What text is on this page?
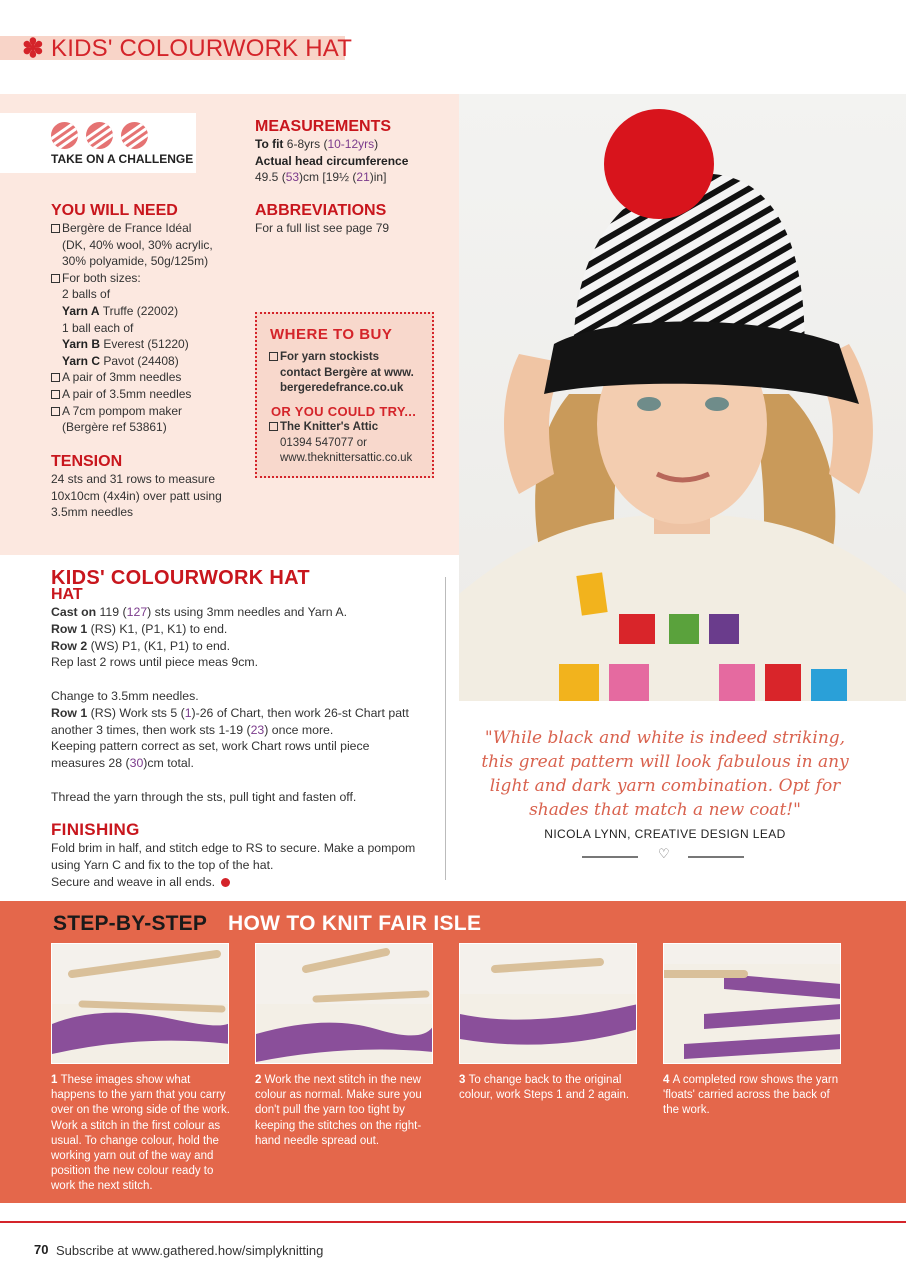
✽ KIDS' COLOURWORK HAT
TAKE ON A CHALLENGE
YOU WILL NEED
Bergère de France Idéal
(DK, 40% wool, 30% acrylic,
30% polyamide, 50g/125m)
For both sizes:
2 balls of
Yarn A Truffe (22002)
1 ball each of
Yarn B Everest (51220)
Yarn C Pavot (24408)
A pair of 3mm needles
A pair of 3.5mm needles
A 7cm pompom maker
(Bergère ref 53861)
TENSION
24 sts and 31 rows to measure
10x10cm (4x4in) over patt using
3.5mm needles
MEASUREMENTS
To fit 6-8yrs (10-12yrs)
Actual head circumference
49.5 (53)cm [19½ (21)in]
ABBREVIATIONS
For a full list see page 79
WHERE TO BUY
For yarn stockists
contact Bergère at www.
bergeredefrance.co.uk
OR YOU COULD TRY...
The Knitter's Attic
01394 547077 or
www.theknittersattic.co.uk
KIDS' COLOURWORK HAT
HAT

Cast on 119 (127) sts using 3mm needles and Yarn A.

Row 1 (RS) K1, (P1, K1) to end.

Row 2 (WS) P1, (K1, P1) to end.

Rep last 2 rows until piece meas 9cm.

Change to 3.5mm needles.

Row 1 (RS) Work sts 5 (1)-26 of Chart, then work 26-st Chart patt

another 3 times, then work sts 1-19 (23) once more.

Keeping pattern correct as set, work Chart rows until piece

measures 28 (30)cm total.

Thread the yarn through the sts, pull tight and fasten off.

FINISHING

Fold brim in half, and stitch edge to RS to secure. Make a pompom

using Yarn C and fix to the top of the hat.

Secure and weave in all ends.

"While black and white is indeed striking,
this great pattern will look fabulous in any
light and dark yarn combination. Opt for
shades that match a new coat!"
NICOLA LYNN, CREATIVE DESIGN LEAD
♡
STEP-BY-STEP HOW TO KNIT FAIR ISLE
1 These images show what happens to the yarn that you carry over on the wrong side of the work. Work a stitch in the first colour as usual. To change colour, hold the working yarn out of the way and position the new colour ready to work the next stitch.
2 Work the next stitch in the new colour as normal. Make sure you don't pull the yarn too tight by keeping the stitches on the right-hand needle spread out.
3 To change back to the original colour, work Steps 1 and 2 again.
4 A completed row shows the yarn 'floats' carried across the back of the work.
70 Subscribe at www.gathered.how/simplyknitting
